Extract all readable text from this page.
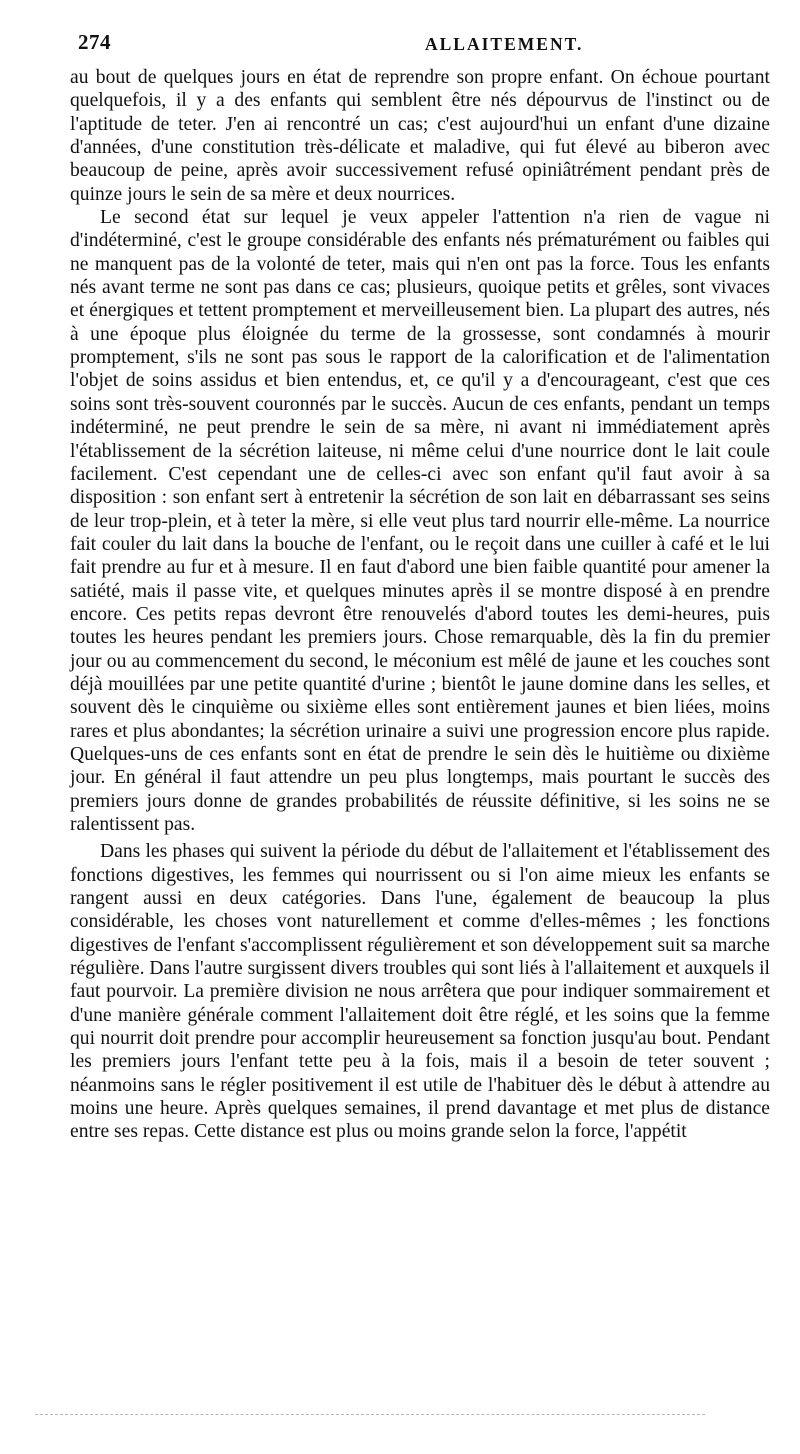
274	ALLAITEMENT.

au bout de quelques jours en état de reprendre son propre enfant. On échoue pourtant quelquefois, il y a des enfants qui semblent être nés dépourvus de l'instinct ou de l'aptitude de teter. J'en ai rencontré un cas; c'est aujourd'hui un enfant d'une dizaine d'années, d'une constitution très-délicate et maladive, qui fut élevé au biberon avec beaucoup de peine, après avoir successivement refusé opiniâtrément pendant près de quinze jours le sein de sa mère et deux nourrices.

Le second état sur lequel je veux appeler l'attention n'a rien de vague ni d'indéterminé, c'est le groupe considérable des enfants nés prématurément ou faibles qui ne manquent pas de la volonté de teter, mais qui n'en ont pas la force. Tous les enfants nés avant terme ne sont pas dans ce cas; plusieurs, quoique petits et grêles, sont vivaces et énergiques et tettent promptement et merveilleusement bien. La plupart des autres, nés à une époque plus éloignée du terme de la grossesse, sont condamnés à mourir promptement, s'ils ne sont pas sous le rapport de la calorification et de l'alimentation l'objet de soins assidus et bien entendus, et, ce qu'il y a d'encourageant, c'est que ces soins sont très-souvent couronnés par le succès. Aucun de ces enfants, pendant un temps indéterminé, ne peut prendre le sein de sa mère, ni avant ni immédiatement après l'établissement de la sécrétion laiteuse, ni même celui d'une nourrice dont le lait coule facilement. C'est cependant une de celles-ci avec son enfant qu'il faut avoir à sa disposition : son enfant sert à entretenir la sécrétion de son lait en débarrassant ses seins de leur trop-plein, et à teter la mère, si elle veut plus tard nourrir elle-même. La nourrice fait couler du lait dans la bouche de l'enfant, ou le reçoit dans une cuiller à café et le lui fait prendre au fur et à mesure. Il en faut d'abord une bien faible quantité pour amener la satiété, mais il passe vite, et quelques minutes après il se montre disposé à en prendre encore. Ces petits repas devront être renouvelés d'abord toutes les demi-heures, puis toutes les heures pendant les premiers jours. Chose remarquable, dès la fin du premier jour ou au commencement du second, le méconium est mêlé de jaune et les couches sont déjà mouillées par une petite quantité d'urine ; bientôt le jaune domine dans les selles, et souvent dès le cinquième ou sixième elles sont entièrement jaunes et bien liées, moins rares et plus abondantes; la sécrétion urinaire a suivi une progression encore plus rapide. Quelques-uns de ces enfants sont en état de prendre le sein dès le huitième ou dixième jour. En général il faut attendre un peu plus longtemps, mais pourtant le succès des premiers jours donne de grandes probabilités de réussite définitive, si les soins ne se ralentissent pas.

Dans les phases qui suivent la période du début de l'allaitement et l'établissement des fonctions digestives, les femmes qui nourrissent ou si l'on aime mieux les enfants se rangent aussi en deux catégories. Dans l'une, également de beaucoup la plus considérable, les choses vont naturellement et comme d'elles-mêmes ; les fonctions digestives de l'enfant s'accomplissent régulièrement et son développement suit sa marche régulière. Dans l'autre surgissent divers troubles qui sont liés à l'allaitement et auxquels il faut pourvoir. La première division ne nous arrêtera que pour indiquer sommairement et d'une manière générale comment l'allaitement doit être réglé, et les soins que la femme qui nourrit doit prendre pour accomplir heureusement sa fonction jusqu'au bout. Pendant les premiers jours l'enfant tette peu à la fois, mais il a besoin de teter souvent ; néanmoins sans le régler positivement il est utile de l'habituer dès le début à attendre au moins une heure. Après quelques semaines, il prend davantage et met plus de distance entre ses repas. Cette distance est plus ou moins grande selon la force, l'appétit
